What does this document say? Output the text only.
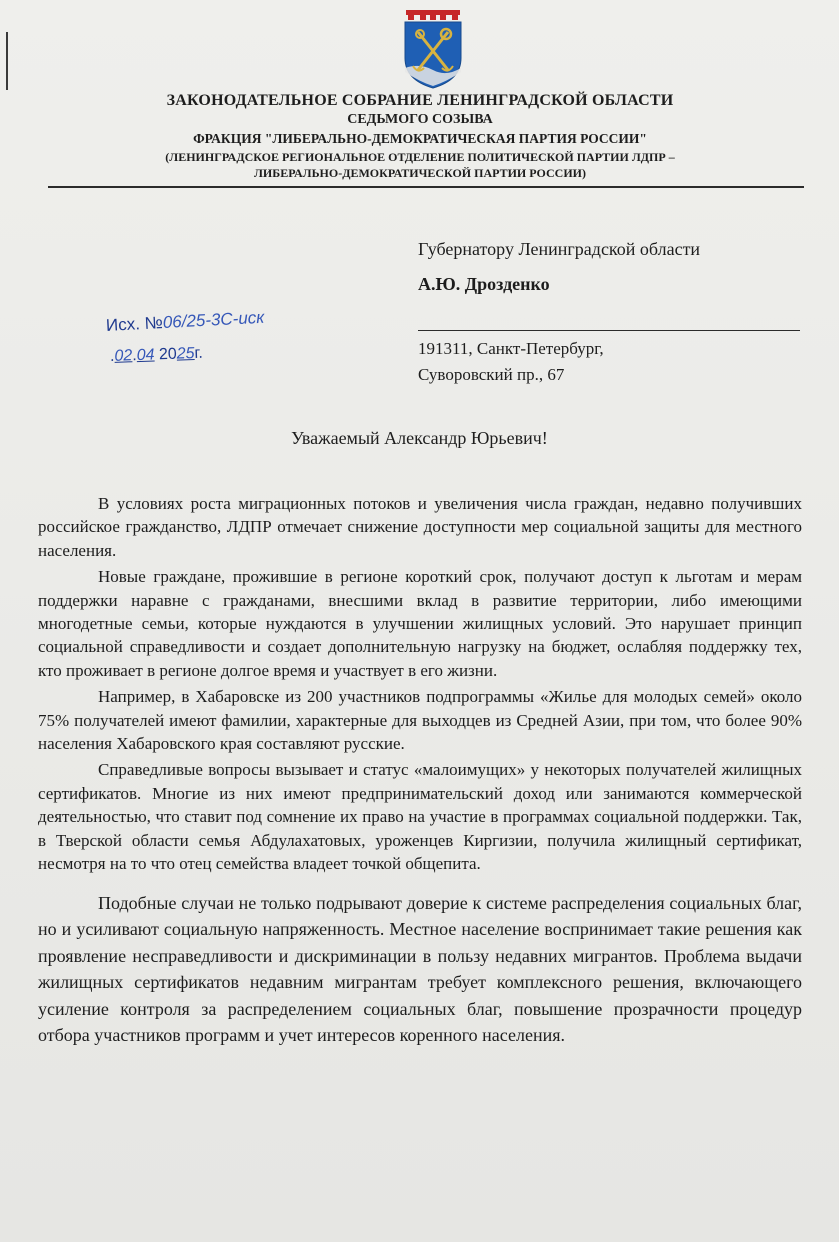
ЗАКОНОДАТЕЛЬНОЕ СОБРАНИЕ ЛЕНИНГРАДСКОЙ ОБЛАСТИ
СЕДЬМОГО СОЗЫВА
ФРАКЦИЯ "ЛИБЕРАЛЬНО-ДЕМОКРАТИЧЕСКАЯ ПАРТИЯ РОССИИ"
(ЛЕНИНГРАДСКОЕ РЕГИОНАЛЬНОЕ ОТДЕЛЕНИЕ ПОЛИТИЧЕСКОЙ ПАРТИИ ЛДПР –
ЛИБЕРАЛЬНО-ДЕМОКРАТИЧЕСКОЙ ПАРТИИ РОССИИ)
Губернатору Ленинградской области
А.Ю. Дрозденко
191311, Санкт-Петербург,
Суворовский пр., 67
Исх. №06/25-3С-иск
.02.04 2025г.
Уважаемый Александр Юрьевич!

В условиях роста миграционных потоков и увеличения числа граждан, недавно получивших российское гражданство, ЛДПР отмечает снижение доступности мер социальной защиты для местного населения.

Новые граждане, прожившие в регионе короткий срок, получают доступ к льготам и мерам поддержки наравне с гражданами, внесшими вклад в развитие территории, либо имеющими многодетные семьи, которые нуждаются в улучшении жилищных условий. Это нарушает принцип социальной справедливости и создает дополнительную нагрузку на бюджет, ослабляя поддержку тех, кто проживает в регионе долгое время и участвует в его жизни.

Например, в Хабаровске из 200 участников подпрограммы «Жилье для молодых семей» около 75% получателей имеют фамилии, характерные для выходцев из Средней Азии, при том, что более 90% населения Хабаровского края составляют русские.

Справедливые вопросы вызывает и статус «малоимущих» у некоторых получателей жилищных сертификатов. Многие из них имеют предпринимательский доход или занимаются коммерческой деятельностью, что ставит под сомнение их право на участие в программах социальной поддержки. Так, в Тверской области семья Абдулахатовых, уроженцев Киргизии, получила жилищный сертификат, несмотря на то что отец семейства владеет точкой общепита.

Подобные случаи не только подрывают доверие к системе распределения социальных благ, но и усиливают социальную напряженность. Местное население воспринимает такие решения как проявление несправедливости и дискриминации в пользу недавних мигрантов. Проблема выдачи жилищных сертификатов недавним мигрантам требует комплексного решения, включающего усиление контроля за распределением социальных благ, повышение прозрачности процедур отбора участников программ и учет интересов коренного населения.
